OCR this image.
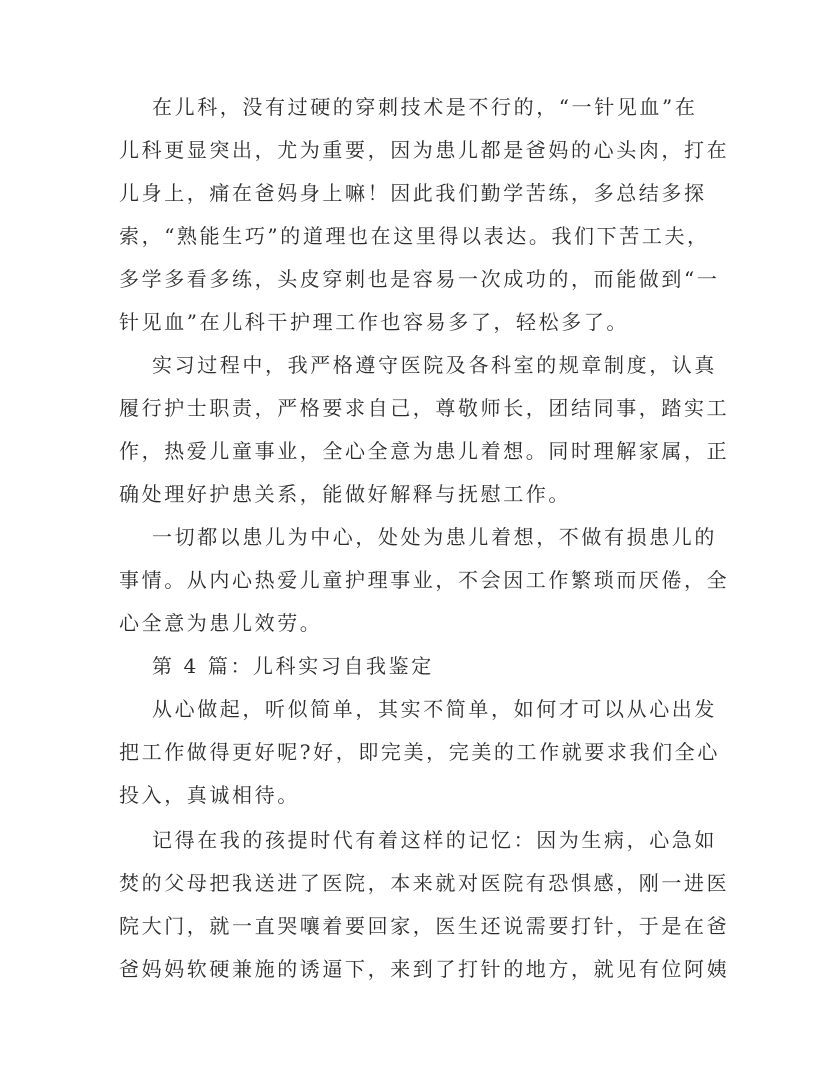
在儿科，没有过硬的穿刺技术是不行的，“一针见血”在
儿科更显突出，尤为重要，因为患儿都是爸妈的心头肉，打在
儿身上，痛在爸妈身上嘛！因此我们勤学苦练，多总结多探
索，“熟能生巧”的道理也在这里得以表达。我们下苦工夫，
多学多看多练，头皮穿刺也是容易一次成功的，而能做到“一
针见血”在儿科干护理工作也容易多了，轻松多了。
实习过程中，我严格遵守医院及各科室的规章制度，认真
履行护士职责，严格要求自己，尊敬师长，团结同事，踏实工
作，热爱儿童事业，全心全意为患儿着想。同时理解家属，正
确处理好护患关系，能做好解释与抚慰工作。
一切都以患儿为中心，处处为患儿着想，不做有损患儿的
事情。从内心热爱儿童护理事业，不会因工作繁琐而厌倦，全
心全意为患儿效劳。
第 4 篇：儿科实习自我鉴定
从心做起，听似简单，其实不简单，如何才可以从心出发
把工作做得更好呢?好，即完美，完美的工作就要求我们全心
投入，真诚相待。
记得在我的孩提时代有着这样的记忆：因为生病，心急如
焚的父母把我送进了医院，本来就对医院有恐惧感，刚一进医
院大门，就一直哭嚷着要回家，医生还说需要打针，于是在爸
爸妈妈软硬兼施的诱逼下，来到了打针的地方，就见有位阿姨
